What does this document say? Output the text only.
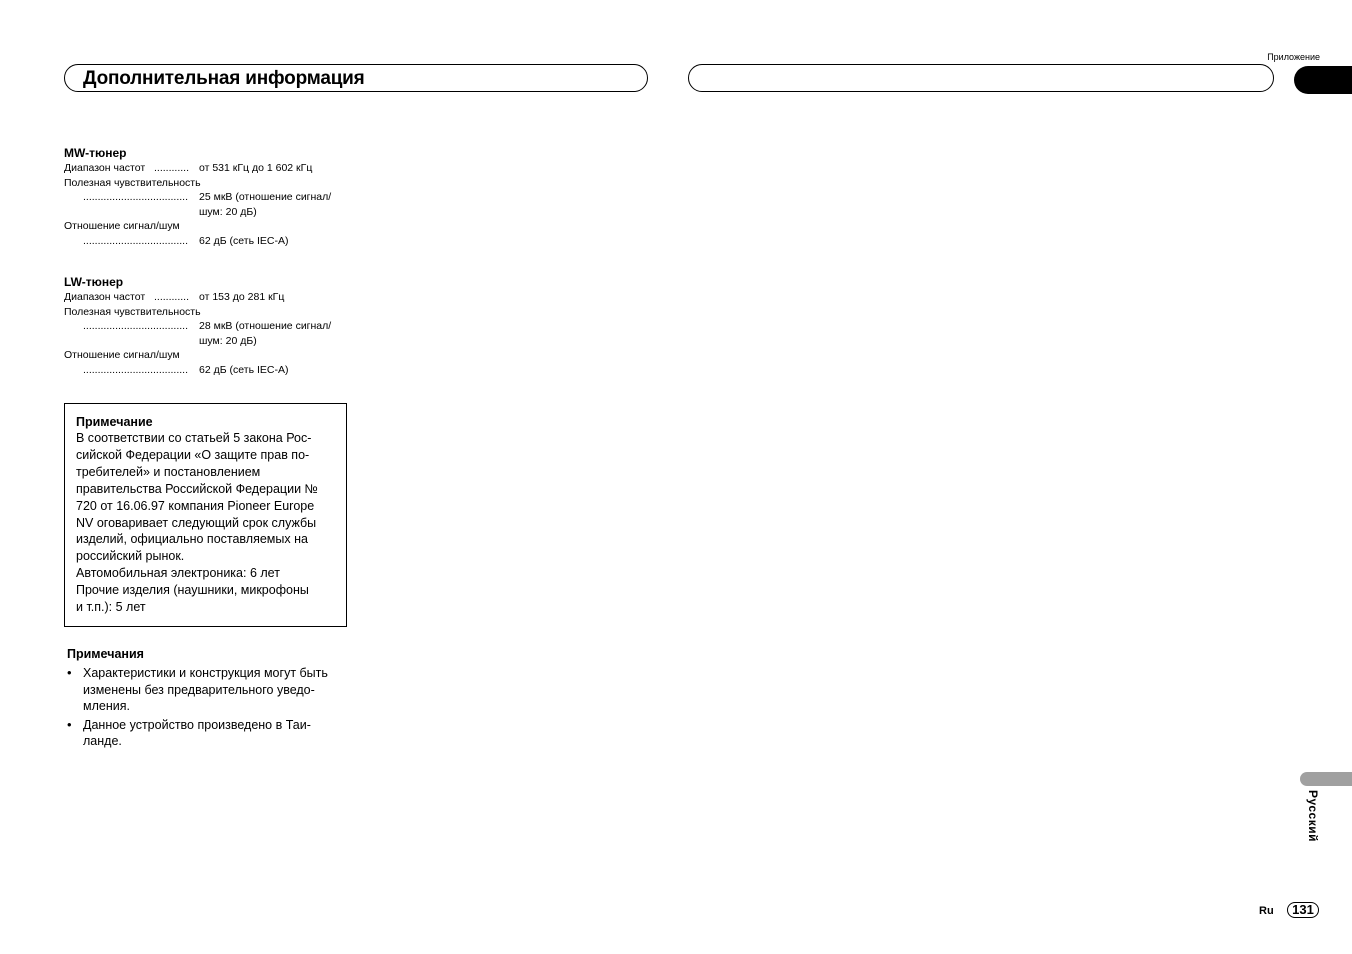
Дополнительная информация
Приложение
MW-тюнер
Диапазон частот ............ от 531 кГц до 1 602 кГц
Полезная чувствительность
.................................... 25 мкВ (отношение сигнал/
шум: 20 дБ)
Отношение сигнал/шум
.................................... 62 дБ (сеть IEC-A)
LW-тюнер
Диапазон частот ............ от 153 до 281 кГц
Полезная чувствительность
.................................... 28 мкВ (отношение сигнал/
шум: 20 дБ)
Отношение сигнал/шум
.................................... 62 дБ (сеть IEC-A)
Примечание
В соответствии со статьей 5 закона Рос-
сийской Федерации «О защите прав по-
требителей» и постановлением
правительства Российской Федерации №
720 от 16.06.97 компания Pioneer Europe
NV оговаривает следующий срок службы
изделий, официально поставляемых на
российский рынок.
Автомобильная электроника: 6 лет
Прочие изделия (наушники, микрофоны
и т.п.): 5 лет
Примечания
• Характеристики и конструкция могут быть
изменены без предварительного уведо-
мления.
• Данное устройство произведено в Таи-
ланде.
Русский
Ru	131
